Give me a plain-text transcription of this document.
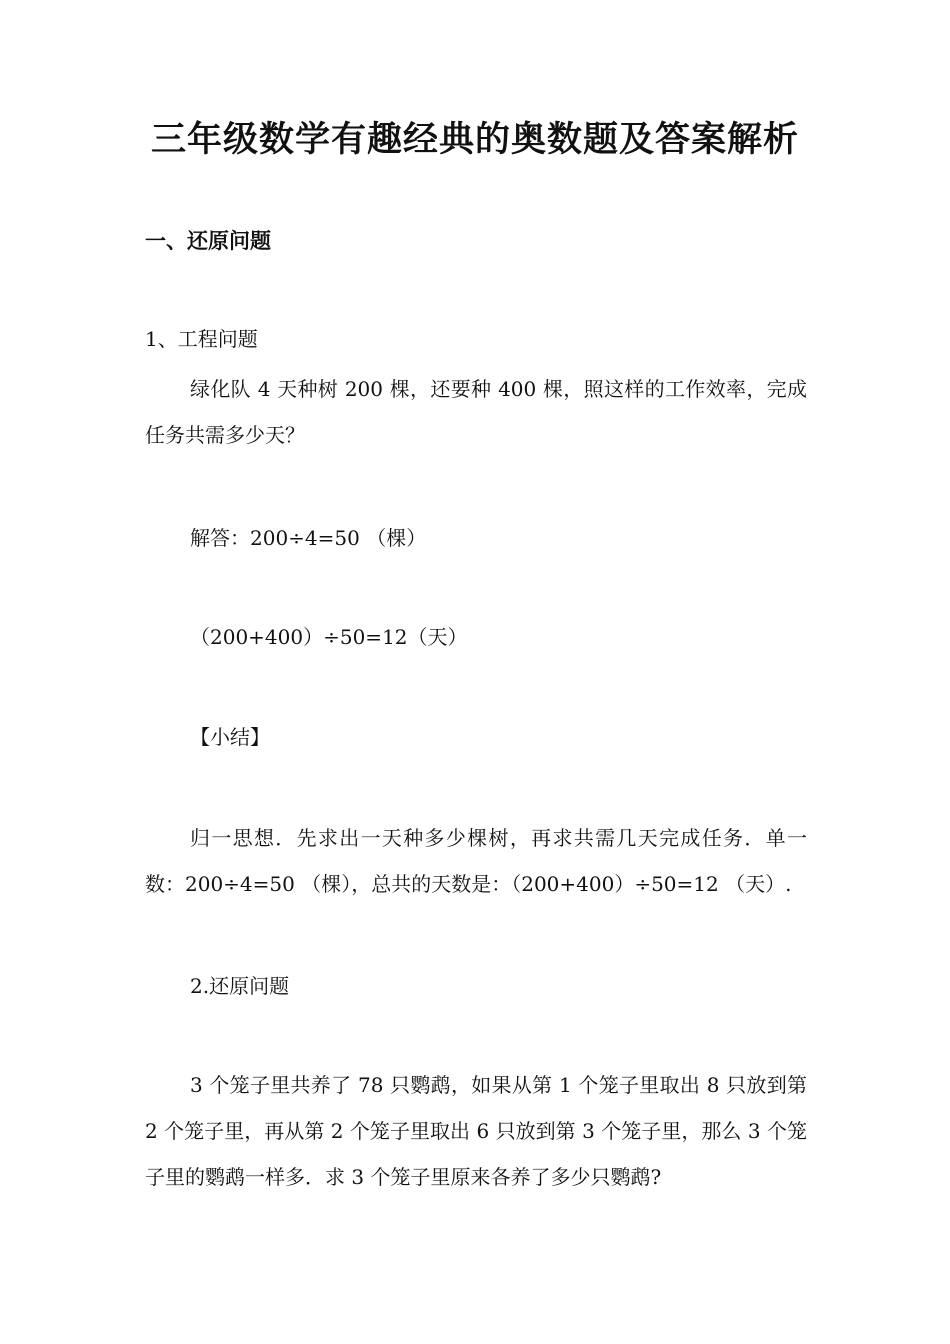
三年级数学有趣经典的奥数题及答案解析
一、还原问题
1、工程问题
绿化队 4 天种树 200 棵，还要种 400 棵，照这样的工作效率，完成任务共需多少天？
解答：200÷4=50 （棵）
（200+400）÷50=12（天）
【小结】
归一思想．先求出一天种多少棵树，再求共需几天完成任务．单一数：200÷4=50 （棵），总共的天数是：（200+400）÷50=12 （天）.
2.还原问题
3 个笼子里共养了 78 只鹦鹉，如果从第 1 个笼子里取出 8 只放到第 2 个笼子里，再从第 2 个笼子里取出 6 只放到第 3 个笼子里，那么 3 个笼子里的鹦鹉一样多．求 3 个笼子里原来各养了多少只鹦鹉?
